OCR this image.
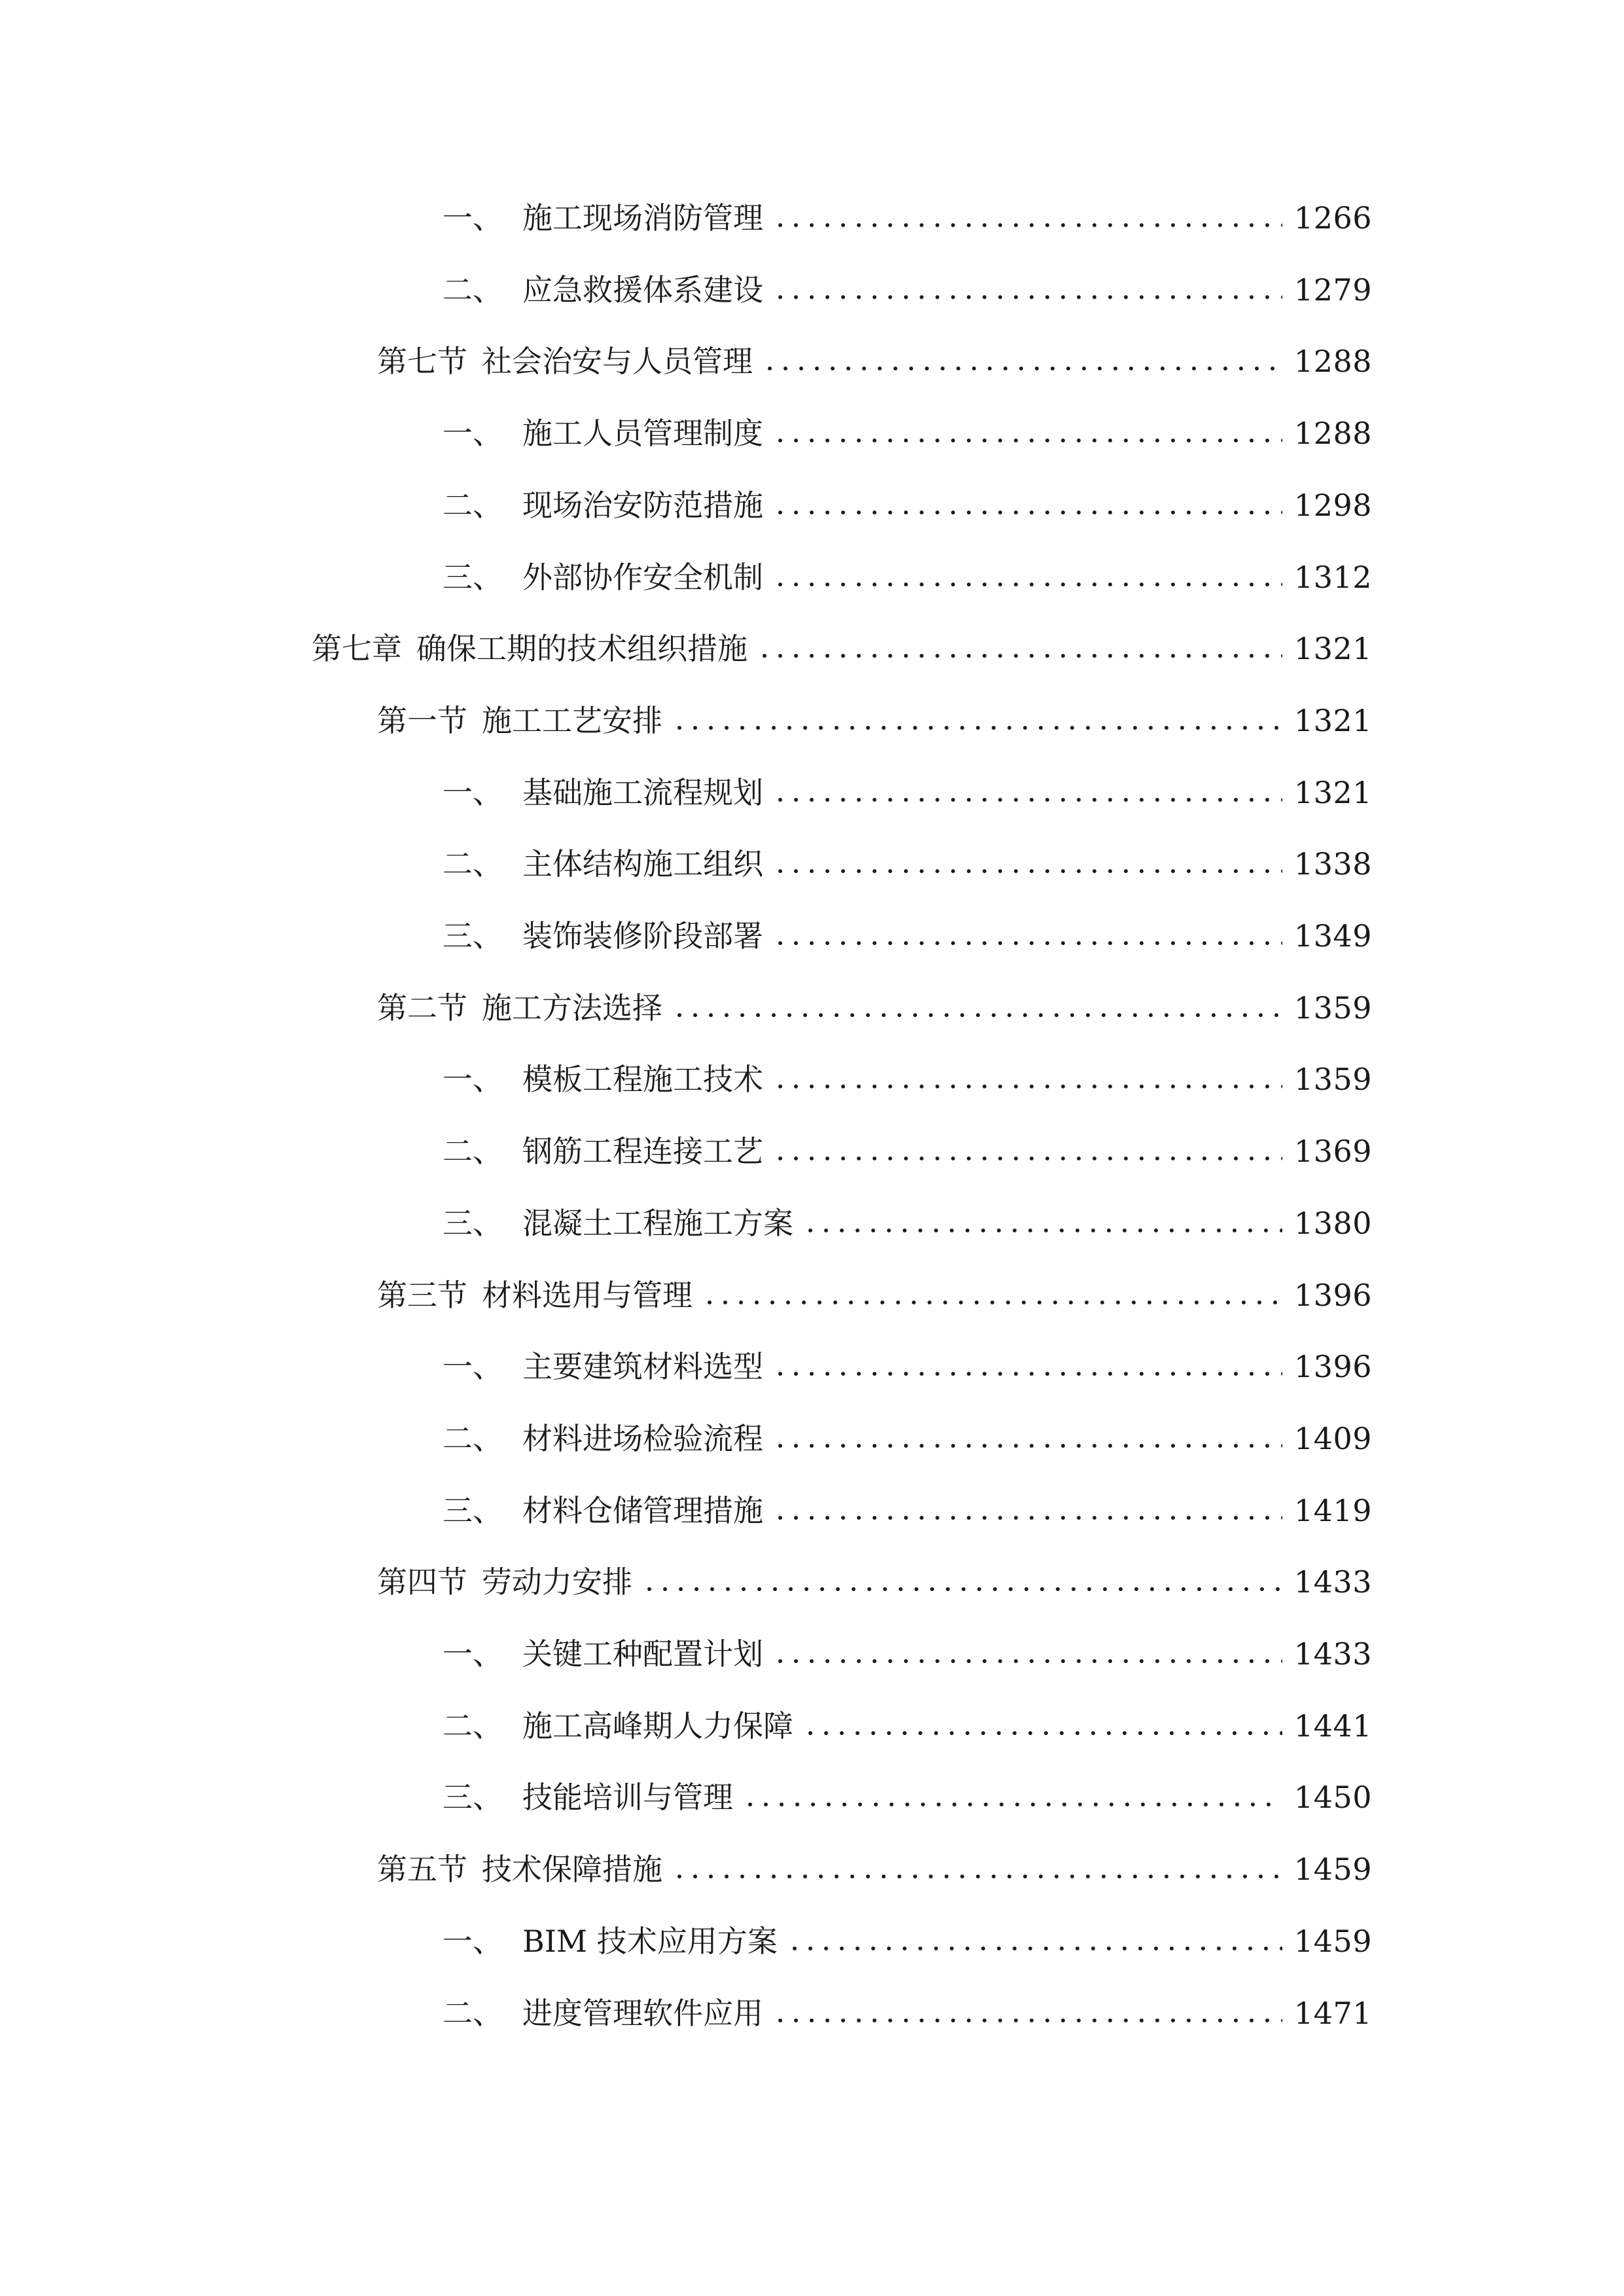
一、 施工现场消防管理	1266
二、 应急救援体系建设	1279
第七节 社会治安与人员管理	1288
一、 施工人员管理制度	1288
二、 现场治安防范措施	1298
三、 外部协作安全机制	1312
第七章 确保工期的技术组织措施	1321
第一节 施工工艺安排	1321
一、 基础施工流程规划	1321
二、 主体结构施工组织	1338
三、 装饰装修阶段部署	1349
第二节 施工方法选择	1359
一、 模板工程施工技术	1359
二、 钢筋工程连接工艺	1369
三、 混凝土工程施工方案	1380
第三节 材料选用与管理	1396
一、 主要建筑材料选型	1396
二、 材料进场检验流程	1409
三、 材料仓储管理措施	1419
第四节 劳动力安排	1433
一、 关键工种配置计划	1433
二、 施工高峰期人力保障	1441
三、 技能培训与管理	1450
第五节 技术保障措施	1459
一、 BIM 技术应用方案	1459
二、 进度管理软件应用	1471
